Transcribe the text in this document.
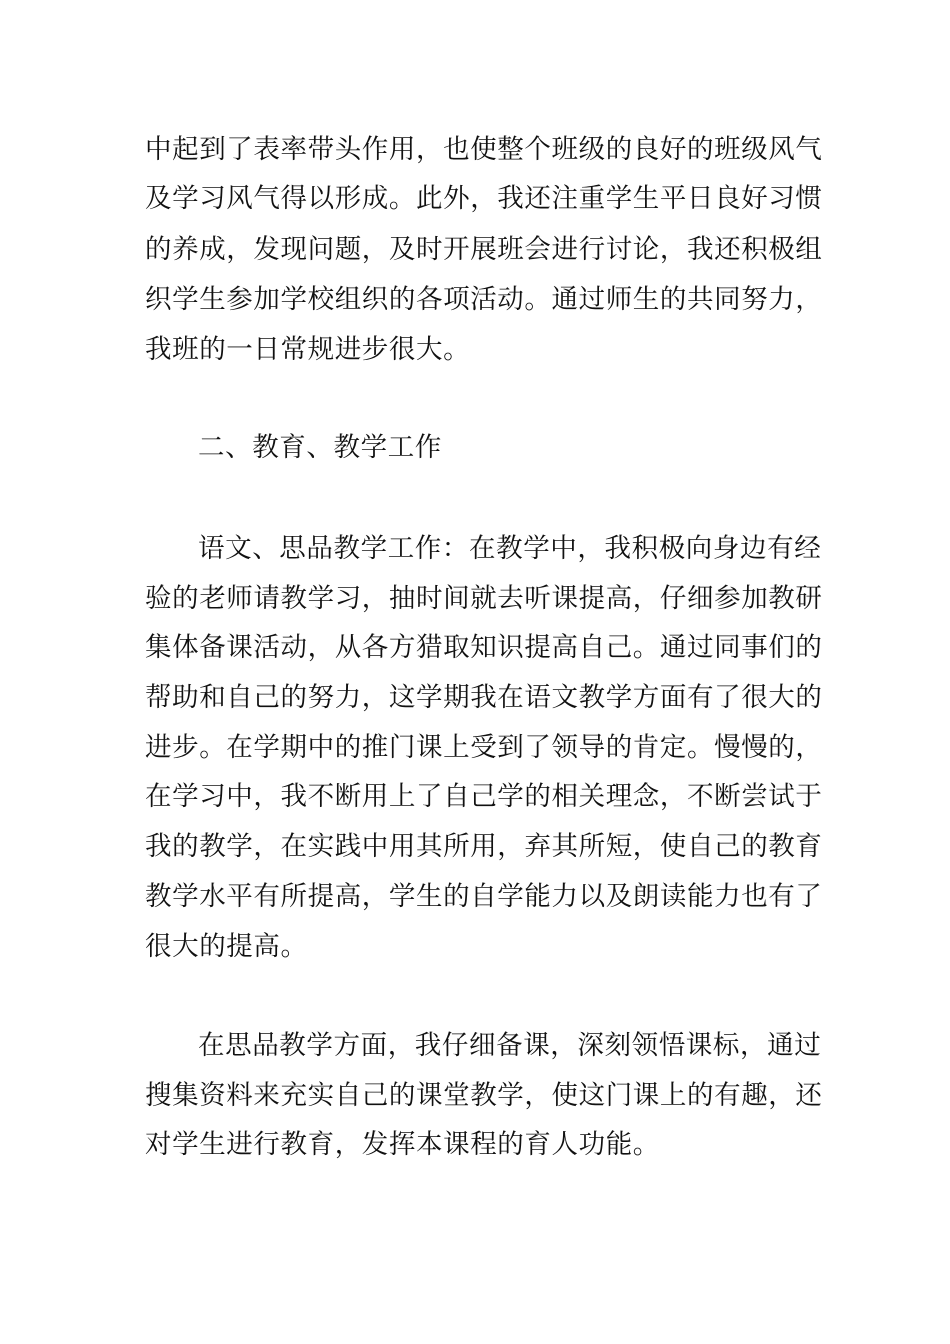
中起到了表率带头作用，也使整个班级的良好的班级风气
及学习风气得以形成。此外，我还注重学生平日良好习惯
的养成，发现问题，及时开展班会进行讨论，我还积极组
织学生参加学校组织的各项活动。通过师生的共同努力，
我班的一日常规进步很大。
二、教育、教学工作
语文、思品教学工作：在教学中，我积极向身边有经
验的老师请教学习，抽时间就去听课提高，仔细参加教研
集体备课活动，从各方猎取知识提高自己。通过同事们的
帮助和自己的努力，这学期我在语文教学方面有了很大的
进步。在学期中的推门课上受到了领导的肯定。慢慢的，
在学习中，我不断用上了自己学的相关理念，不断尝试于
我的教学，在实践中用其所用，弃其所短，使自己的教育
教学水平有所提高，学生的自学能力以及朗读能力也有了
很大的提高。
在思品教学方面，我仔细备课，深刻领悟课标，通过
搜集资料来充实自己的课堂教学，使这门课上的有趣，还
对学生进行教育，发挥本课程的育人功能。
